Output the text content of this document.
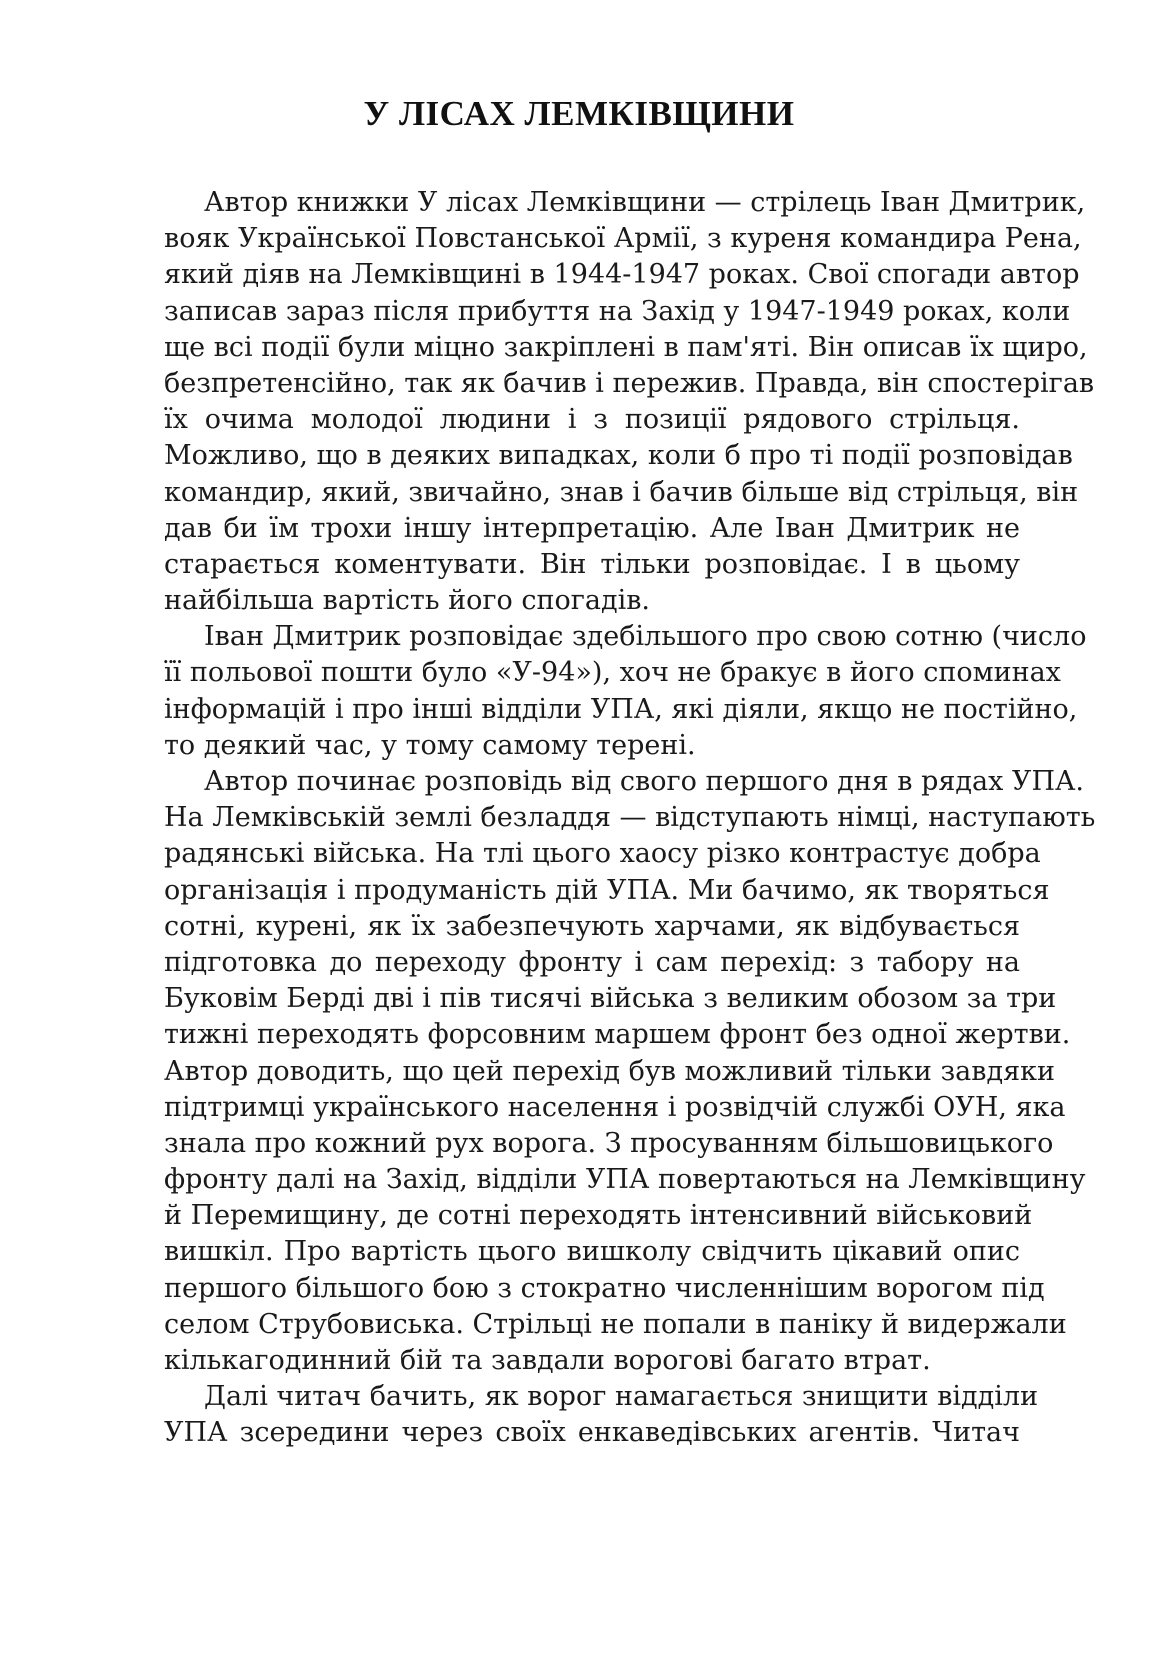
У ЛІСАХ ЛЕМКІВЩИНИ
Автор книжки У лісах Лемківщини — стрілець Іван Дмитрик,
вояк Української Повстанської Армії, з куреня командира Рена,
який діяв на Лемківщині в 1944-1947 роках. Свої спогади автор
записав зараз після прибуття на Захід у 1947-1949 роках, коли
ще всі події були міцно закріплені в пам'яті. Він описав їх щиро,
безпретенсійно, так як бачив і пережив. Правда, він спостерігав
їх очима молодої людини і з позиції рядового стрільця.
Можливо, що в деяких випадках, коли б про ті події розповідав
командир, який, звичайно, знав і бачив більше від стрільця, він
дав би їм трохи іншу інтерпретацію. Але Іван Дмитрик не
старається коментувати. Він тільки розповідає. І в цьому
найбільша вартість його спогадів.
Іван Дмитрик розповідає здебільшого про свою сотню (число
її польової пошти було «У-94»), хоч не бракує в його споминах
інформацій і про інші відділи УПА, які діяли, якщо не постійно,
то деякий час, у тому самому терені.
Автор починає розповідь від свого першого дня в рядах УПА.
На Лемківській землі безладдя — відступають німці, наступають
радянські війська. На тлі цього хаосу різко контрастує добра
організація і продуманість дій УПА. Ми бачимо, як творяться
сотні, курені, як їх забезпечують харчами, як відбувається
підготовка до переходу фронту і сам перехід: з табору на
Буковім Берді дві і пів тисячі війська з великим обозом за три
тижні переходять форсовним маршем фронт без одної жертви.
Автор доводить, що цей перехід був можливий тільки завдяки
підтримці українського населення і розвідчій службі ОУН, яка
знала про кожний рух ворога. З просуванням більшовицького
фронту далі на Захід, відділи УПА повертаються на Лемківщину
й Перемищину, де сотні переходять інтенсивний військовий
вишкіл. Про вартість цього вишколу свідчить цікавий опис
першого більшого бою з стократно численнішим ворогом під
селом Струбовиська. Стрільці не попали в паніку й видержали
кількагодинний бій та завдали ворогові багато втрат.
Далі читач бачить, як ворог намагається знищити відділи
УПА зсередини через своїх енкаведівських агентів. Читач
